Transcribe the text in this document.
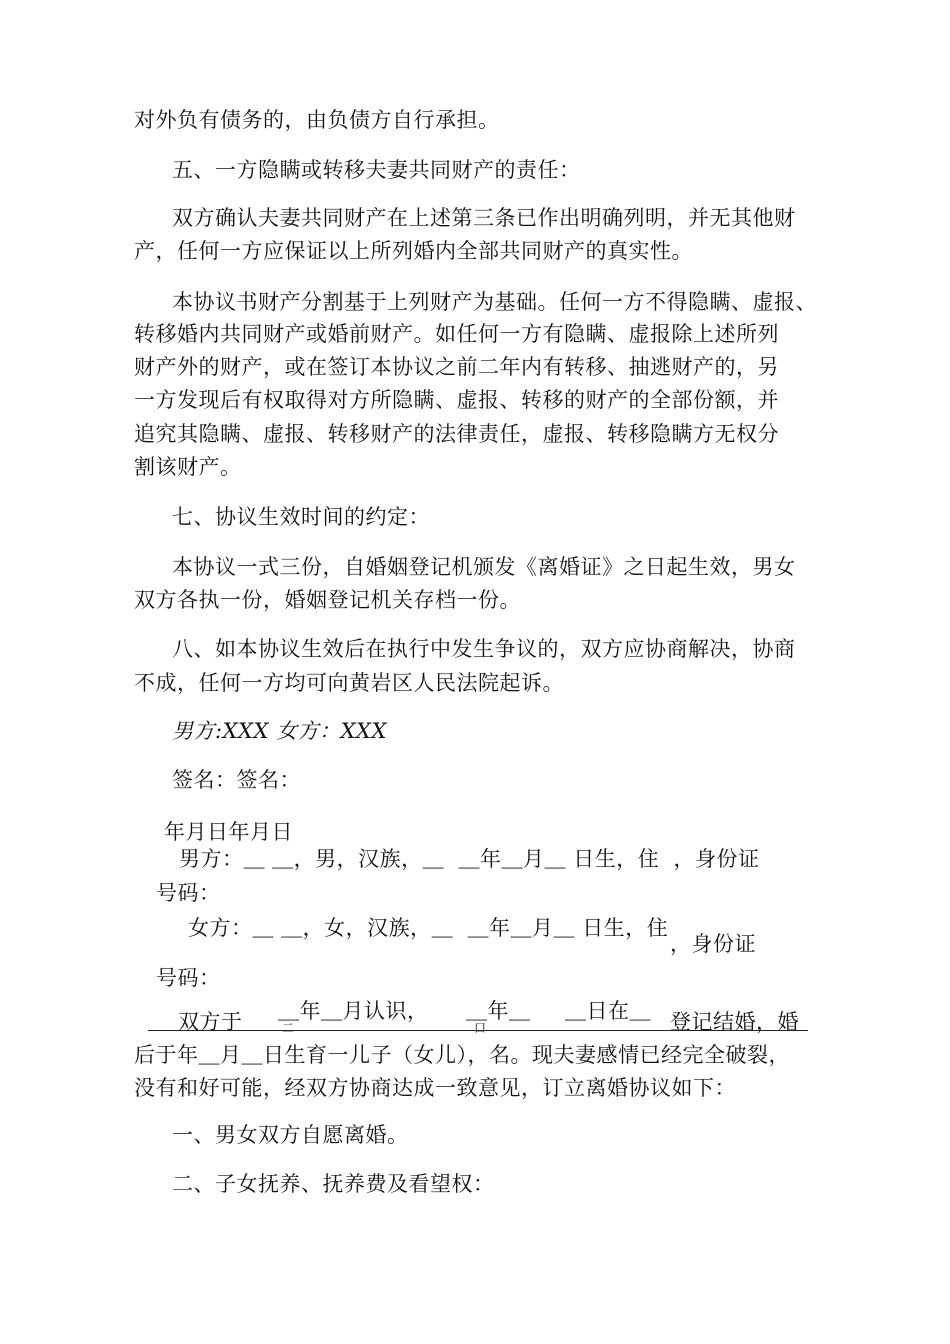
对外负有债务的，由负债方自行承担。
五、一方隐瞒或转移夫妻共同财产的责任：
双方确认夫妻共同财产在上述第三条已作出明确列明，并无其他财
产，任何一方应保证以上所列婚内全部共同财产的真实性。
本协议书财产分割基于上列财产为基础。任何一方不得隐瞒、虚报、
转移婚内共同财产或婚前财产。如任何一方有隐瞒、虚报除上述所列
财产外的财产，或在签订本协议之前二年内有转移、抽逃财产的，另
一方发现后有权取得对方所隐瞒、虚报、转移的财产的全部份额，并
追究其隐瞒、虚报、转移财产的法律责任，虚报、转移隐瞒方无权分
割该财产。
七、协议生效时间的约定：
本协议一式三份，自婚姻登记机颁发《离婚证》之日起生效，男女
双方各执一份，婚姻登记机关存档一份。
八、如本协议生效后在执行中发生争议的，双方应协商解决，协商
不成，任何一方均可向黄岩区人民法院起诉。
男方:XXX 女方：XXX
签名：签名：
年月日年月日
男方：＿ ＿，男，汉族，＿  ＿年＿月＿ 日生，住  ，身份证
号码：
女方：＿ ＿，女，汉族，＿  ＿年＿月＿ 日生，住
，身份证
号码：
双方于 ＿年＿月认识， ＿年＿ ＿日在＿ 登记结婚，婚
二	口
后于年＿月＿日生育一儿子（女儿），名。现夫妻感情已经完全破裂，
没有和好可能，经双方协商达成一致意见，订立离婚协议如下：
一、男女双方自愿离婚。
二、子女抚养、抚养费及看望权：
